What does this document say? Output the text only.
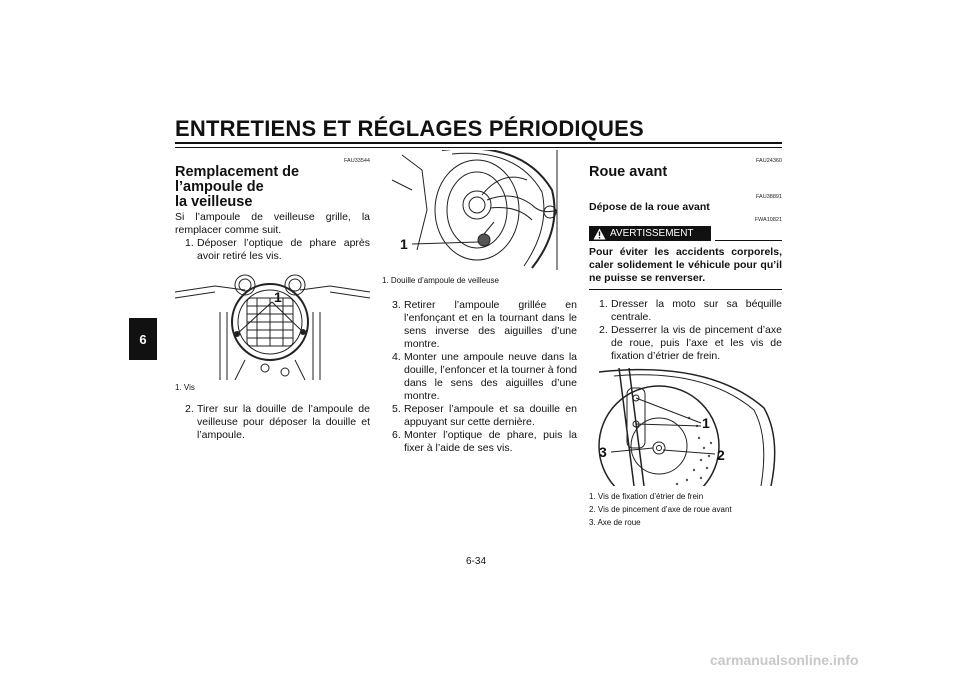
ENTRETIENS ET RÉGLAGES PÉRIODIQUES
6
FAU33544
Remplacement de l’ampoule de
la veilleuse

Si l’ampoule de veilleuse grille, la remplacer comme suit.

1. Déposer l’optique de phare après avoir retiré les vis.
1
1. Vis
2. Tirer sur la douille de l’ampoule de veilleuse pour déposer la douille et l’ampoule.
1
1. Douille d’ampoule de veilleuse
3. Retirer l’ampoule grillée en l’enfonçant et en la tournant dans le sens inverse des aiguilles d’une montre.
4. Monter une ampoule neuve dans la douille, l’enfoncer et la tourner à fond dans le sens des aiguilles d’une montre.
5. Reposer l’ampoule et sa douille en appuyant sur cette dernière.
6. Monter l’optique de phare, puis la fixer à l’aide de ses vis.
FAU24360
Roue avant
FAU38891
Dépose de la roue avant
FWA10821
AVERTISSEMENT
Pour éviter les accidents corporels, caler solidement le véhicule pour qu’il ne puisse se renverser.
1. Dresser la moto sur sa béquille centrale.
2. Desserrer la vis de pincement d’axe de roue, puis l’axe et les vis de fixation d’étrier de frein.
1
2
3
1. Vis de fixation d’étrier de frein
2. Vis de pincement d’axe de roue avant
3. Axe de roue
6-34
carmanualsonline.info
